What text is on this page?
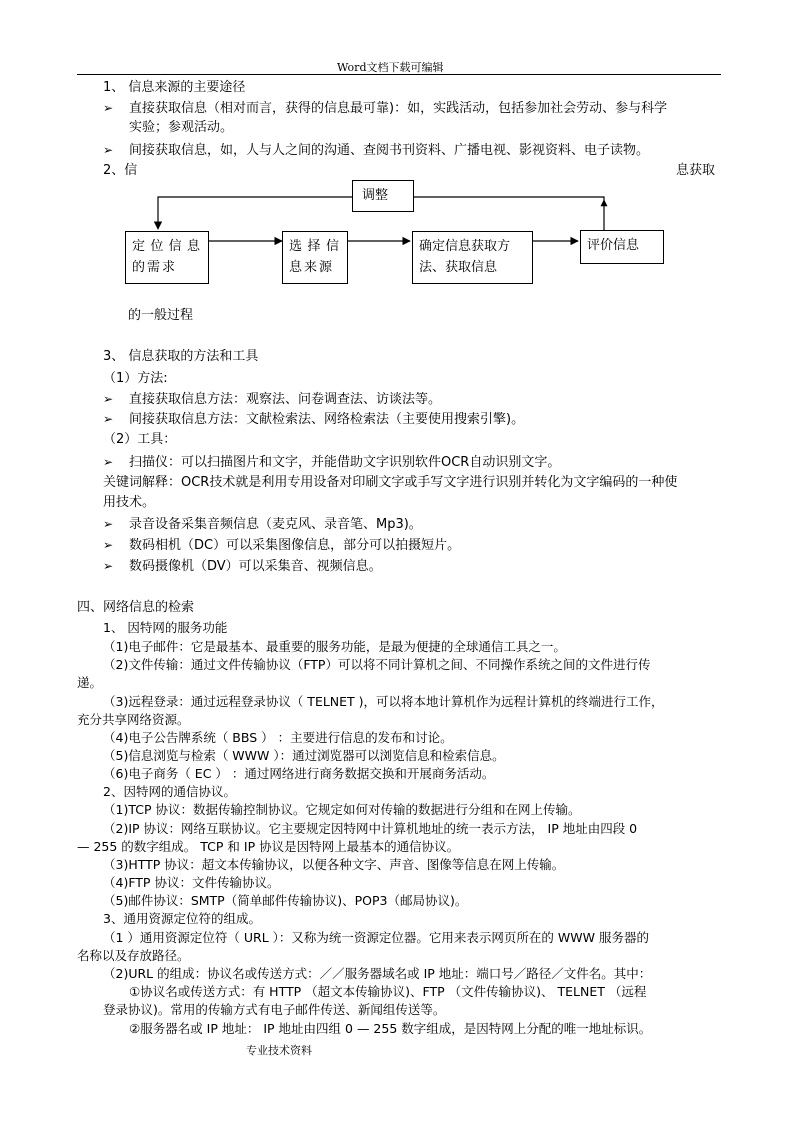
Word文档下载可编辑
1、 信息来源的主要途径
➢ 直接获取信息（相对而言，获得的信息最可靠)：如，实践活动，包括参加社会劳动、参与科学
实验；参观活动。
➢ 间接获取信息，如，人与人之间的沟通、查阅书刊资料、广播电视、影视资料、电子读物。
2、信	息获取
调整
定位信息的需求
选择信息来源
确定信息获取方法、获取信息
评价信息
的一般过程
3、 信息获取的方法和工具
（1）方法:
➢ 直接获取信息方法：观察法、问卷调查法、访谈法等。
➢ 间接获取信息方法：文献检索法、网络检索法（主要使用搜索引擎)。
（2）工具：
➢ 扫描仪：可以扫描图片和文字，并能借助文字识别软件OCR自动识别文字。
关键词解释：OCR技术就是利用专用设备对印刷文字或手写文字进行识别并转化为文字编码的一种使
用技术。
➢ 录音设备采集音频信息（麦克风、录音笔、Mp3)。
➢ 数码相机（DC）可以采集图像信息，部分可以拍摄短片。
➢ 数码摄像机（DV）可以采集音、视频信息。
四、网络信息的检索
1、 因特网的服务功能
（1)电子邮件：它是最基本、最重要的服务功能，是最为便捷的全球通信工具之一。
（2)文件传输：通过文件传输协议（FTP）可以将不同计算机之间、不同操作系统之间的文件进行传
递。
（3)远程登录：通过远程登录协议（ TELNET )，可以将本地计算机作为远程计算机的终端进行工作，
充分共享网络资源。
（4)电子公告牌系统（ BBS ） ：主要进行信息的发布和讨论。
（5)信息浏览与检索（ WWW ）：通过浏览器可以浏览信息和检索信息。
（6)电子商务（ EC ） ：通过网络进行商务数据交换和开展商务活动。
2、因特网的通信协议。
（1)TCP 协议：数据传输控制协议。它规定如何对传输的数据进行分组和在网上传输。
（2)IP 协议：网络互联协议。它主要规定因特网中计算机地址的统一表示方法， IP 地址由四段 0
— 255 的数字组成。 TCP 和 IP 协议是因特网上最基本的通信协议。
（3)HTTP 协议：超文本传输协议，以便各种文字、声音、图像等信息在网上传输。
（4)FTP 协议：文件传输协议。
（5)邮件协议：SMTP（简单邮件传输协议)、POP3（邮局协议)。
3、通用资源定位符的组成。
（1 ）通用资源定位符（ URL ）：又称为统一资源定位器。它用来表示网页所在的 WWW 服务器的
名称以及存放路径。
（2)URL 的组成：协议名或传送方式：／／服务器域名或 IP 地址：端口号／路径／文件名。其中：
①协议名或传送方式：有 HTTP （超文本传输协议)、FTP （文件传输协议)、 TELNET （远程
登录协议)。常用的传输方式有电子邮件传送、新闻组传送等。
②服务器名或 IP 地址： IP 地址由四组 0 — 255 数字组成，是因特网上分配的唯一地址标识。
专业技术资料
